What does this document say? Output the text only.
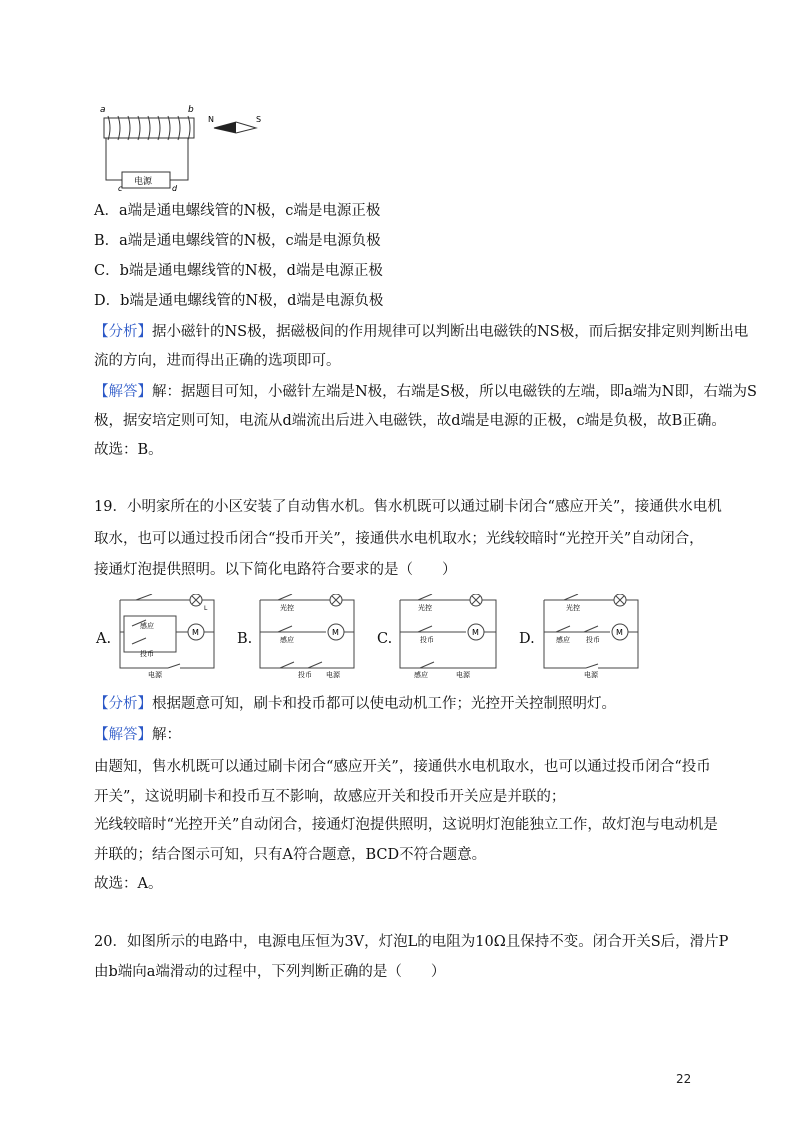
a	b
c	d
电源
N	S
A．a端是通电螺线管的N极，c端是电源正极
B．a端是通电螺线管的N极，c端是电源负极
C．b端是通电螺线管的N极，d端是电源正极
D．b端是通电螺线管的N极，d端是电源负极
【分析】据小磁针的NS极，据磁极间的作用规律可以判断出电磁铁的NS极，而后据安排定则判断出电
流的方向，进而得出正确的选项即可。
【解答】解：据题目可知，小磁针左端是N极，右端是S极，所以电磁铁的左端，即a端为N即，右端为S
极，据安培定则可知，电流从d端流出后进入电磁铁，故d端是电源的正极，c端是负极，故B正确。
故选：B。
19．小明家所在的小区安装了自动售水机。售水机既可以通过刷卡闭合“感应开关”，接通供水电机
取水，也可以通过投币闭合“投币开关”，接通供水电机取水；光线较暗时“光控开关”自动闭合，
接通灯泡提供照明。以下简化电路符合要求的是（　　）
A.
感应
投币
M
L
电源
B.
光控
感应
M
投币 电源
C.
光控
投币
M
感应	电源
D.
光控
感应 投币
M
电源
【分析】根据题意可知，刷卡和投币都可以使电动机工作；光控开关控制照明灯。
【解答】解：
由题知，售水机既可以通过刷卡闭合“感应开关”，接通供水电机取水，也可以通过投币闭合“投币
开关”，这说明刷卡和投币互不影响，故感应开关和投币开关应是并联的；
光线较暗时“光控开关”自动闭合，接通灯泡提供照明，这说明灯泡能独立工作，故灯泡与电动机是
并联的；结合图示可知，只有A符合题意，BCD不符合题意。
故选：A。
20．如图所示的电路中，电源电压恒为3V，灯泡L的电阻为10Ω且保持不变。闭合开关S后，滑片P
由b端向a端滑动的过程中，下列判断正确的是（　　）
22
